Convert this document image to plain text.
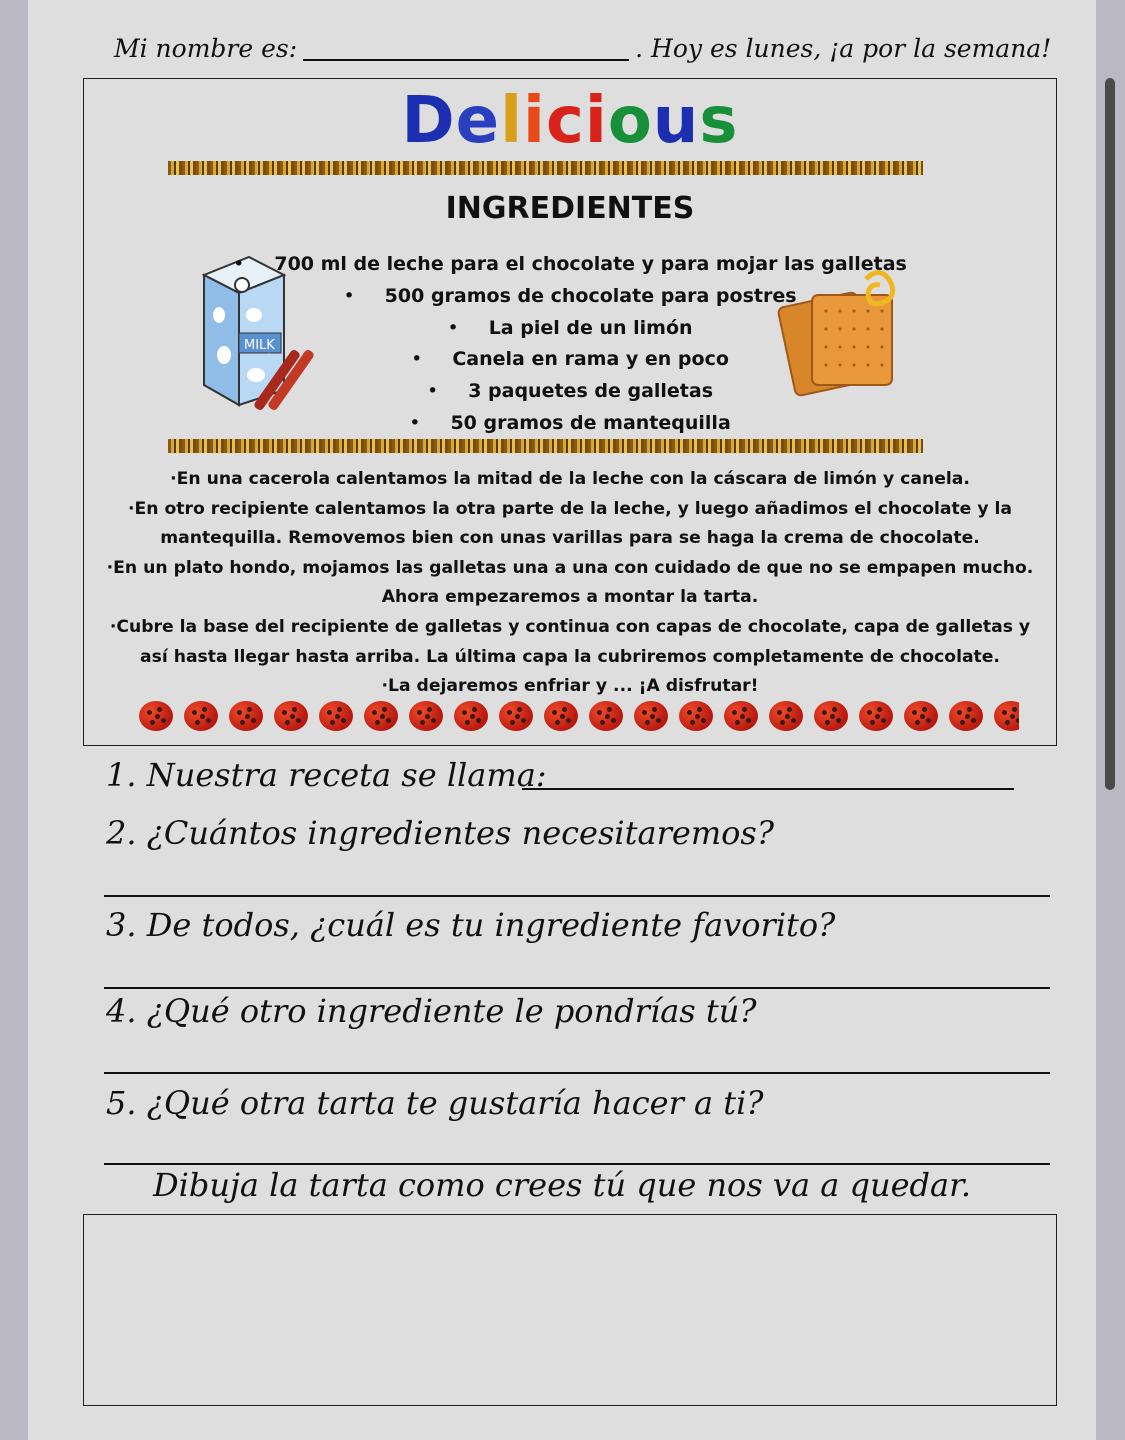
Mi nombre es:	. Hoy es lunes, ¡a por la semana!
Delicious
INGREDIENTES
MILK
• 700 ml de leche para el chocolate y para mojar las galletas
• 500 gramos de chocolate para postres
• La piel de un limón
• Canela en rama y en poco
• 3 paquetes de galletas
• 50 gramos de mantequilla
·En una cacerola calentamos la mitad de la leche con la cáscara de limón y canela.
·En otro recipiente calentamos la otra parte de la leche, y luego añadimos el chocolate y la mantequilla. Removemos bien con unas varillas para se haga la crema de chocolate.
·En un plato hondo, mojamos las galletas una a una con cuidado de que no se empapen mucho. Ahora empezaremos a montar la tarta.
·Cubre la base del recipiente de galletas y continua con capas de chocolate, capa de galletas y así hasta llegar hasta arriba. La última capa la cubriremos completamente de chocolate.
·La dejaremos enfriar y ... ¡A disfrutar!
1. Nuestra receta se llama:
2. ¿Cuántos ingredientes necesitaremos?
3. De todos, ¿cuál es tu ingrediente favorito?
4. ¿Qué otro ingrediente le pondrías tú?
5. ¿Qué otra tarta te gustaría hacer a ti?
Dibuja la tarta como crees tú que nos va a quedar.
